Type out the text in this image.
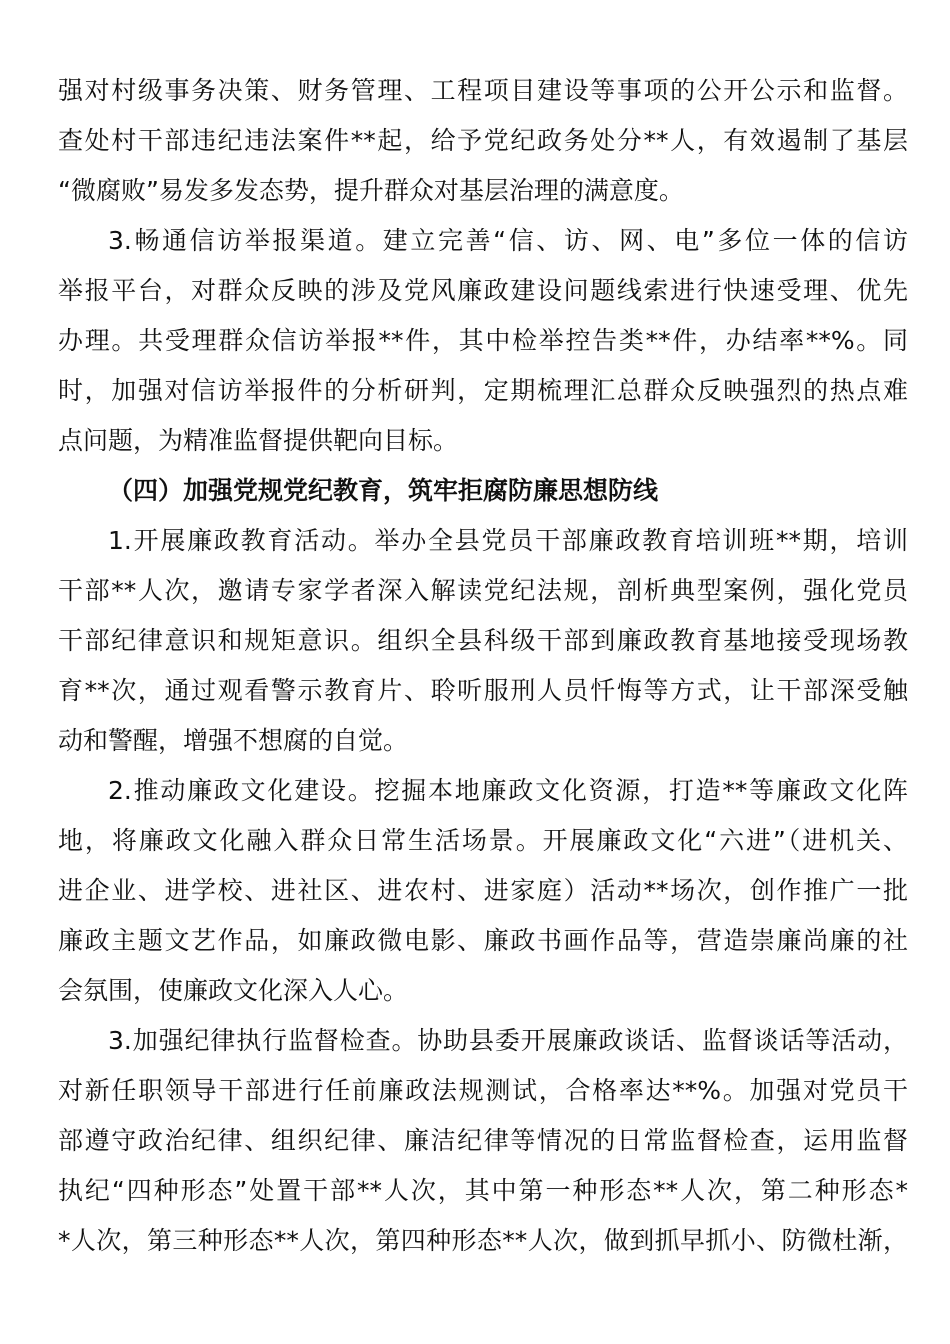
强对村级事务决策、财务管理、工程项目建设等事项的公开公示和监督。
查处村干部违纪违法案件**起，给予党纪政务处分**人，有效遏制了基层
“微腐败”易发多发态势，提升群众对基层治理的满意度。
3.畅通信访举报渠道。建立完善“信、访、网、电”多位一体的信访
举报平台，对群众反映的涉及党风廉政建设问题线索进行快速受理、优先
办理。共受理群众信访举报**件，其中检举控告类**件，办结率**%。同
时，加强对信访举报件的分析研判，定期梳理汇总群众反映强烈的热点难
点问题，为精准监督提供靶向目标。
（四）加强党规党纪教育，筑牢拒腐防廉思想防线
1.开展廉政教育活动。举办全县党员干部廉政教育培训班**期，培训
干部**人次，邀请专家学者深入解读党纪法规，剖析典型案例，强化党员
干部纪律意识和规矩意识。组织全县科级干部到廉政教育基地接受现场教
育**次，通过观看警示教育片、聆听服刑人员忏悔等方式，让干部深受触
动和警醒，增强不想腐的自觉。
2.推动廉政文化建设。挖掘本地廉政文化资源，打造**等廉政文化阵
地，将廉政文化融入群众日常生活场景。开展廉政文化“六进”（进机关、
进企业、进学校、进社区、进农村、进家庭）活动**场次，创作推广一批
廉政主题文艺作品，如廉政微电影、廉政书画作品等，营造崇廉尚廉的社
会氛围，使廉政文化深入人心。
3.加强纪律执行监督检查。协助县委开展廉政谈话、监督谈话等活动，
对新任职领导干部进行任前廉政法规测试，合格率达**%。加强对党员干
部遵守政治纪律、组织纪律、廉洁纪律等情况的日常监督检查，运用监督
执纪“四种形态”处置干部**人次，其中第一种形态**人次，第二种形态*
*人次，第三种形态**人次，第四种形态**人次，做到抓早抓小、防微杜渐，
